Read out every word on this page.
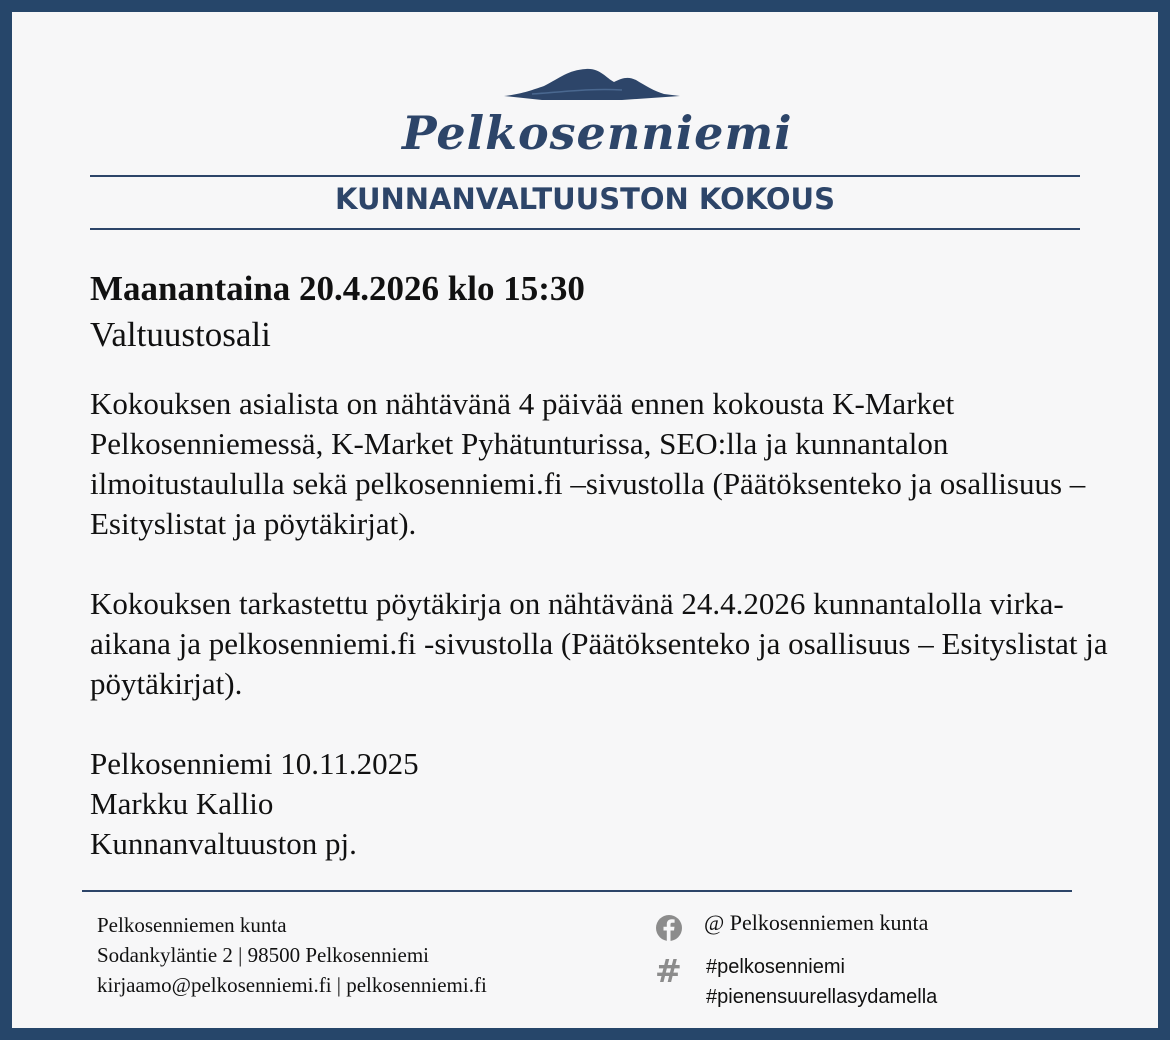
Pelkosenniemi
KUNNANVALTUUSTON KOKOUS
Maanantaina 20.4.2026 klo 15:30
Valtuustosali
Kokouksen asialista on nähtävänä 4 päivää ennen kokousta K-Market Pelkosenniemessä, K-Market Pyhätunturissa, SEO:lla ja kunnantalon ilmoitustaululla sekä pelkosenniemi.fi –sivustolla (Päätöksenteko ja osallisuus – Esityslistat ja pöytäkirjat).
Kokouksen tarkastettu pöytäkirja on nähtävänä 24.4.2026 kunnantalolla virka-aikana ja pelkosenniemi.fi -sivustolla (Päätöksenteko ja osallisuus – Esityslistat ja pöytäkirjat).
Pelkosenniemi 10.11.2025
Markku Kallio
Kunnanvaltuuston pj.
Pelkosenniemen kunta
Sodankyläntie 2 | 98500 Pelkosenniemi
kirjaamo@pelkosenniemi.fi | pelkosenniemi.fi
@ Pelkosenniemen kunta
# #pelkosenniemi
#pienensuurellasydamella
